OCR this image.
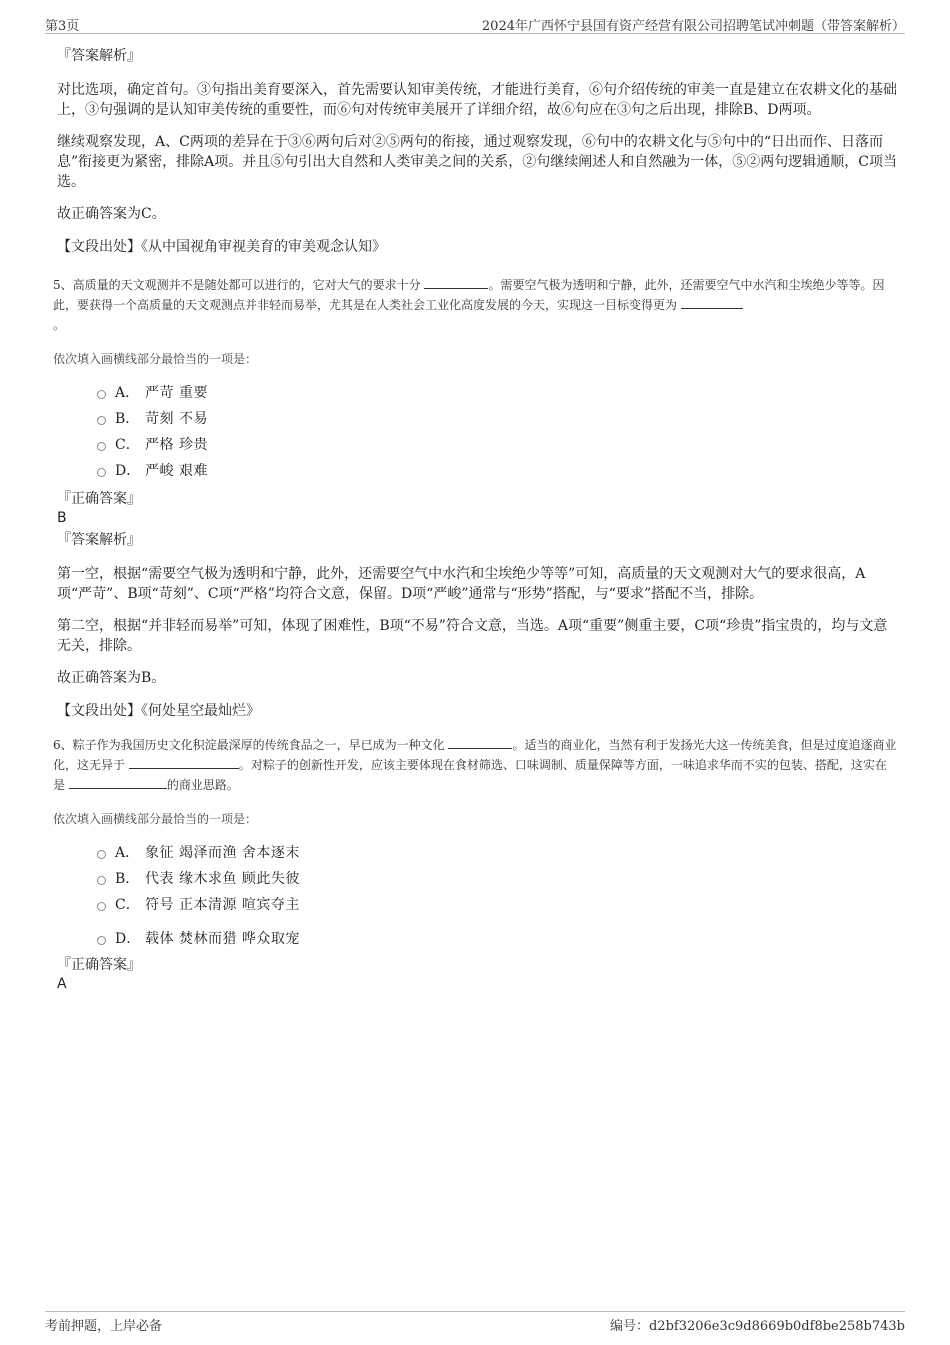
第3页	2024年广西怀宁县国有资产经营有限公司招聘笔试冲刺题（带答案解析）
『答案解析』
对比选项，确定首句。③句指出美育要深入，首先需要认知审美传统，才能进行美育，⑥句介绍传统的审美一直是建立在农耕文化的基础上，③句强调的是认知审美传统的重要性，而⑥句对传统审美展开了详细介绍，故⑥句应在③句之后出现，排除B、D两项。
继续观察发现，A、C两项的差异在于③⑥两句后对②⑤两句的衔接，通过观察发现，⑥句中的农耕文化与⑤句中的“日出而作、日落而息”衔接更为紧密，排除A项。并且⑤句引出大自然和人类审美之间的关系，②句继续阐述人和自然融为一体，⑤②两句逻辑通顺，C项当选。
故正确答案为C。
【文段出处】《从中国视角审视美育的审美观念认知》
5、高质量的天文观测并不是随处都可以进行的，它对大气的要求十分	。需要空气极为透明和宁静，此外，还需要空气中水汽和尘埃绝少等等。因此，要获得一个高质量的天文观测点并非轻而易举，尤其是在人类社会工业化高度发展的今天，实现这一目标变得更为
。
依次填入画横线部分最恰当的一项是：
A． 严苛 重要
B． 苛刻 不易
C． 严格 珍贵
D． 严峻 艰难
『正确答案』
B
『答案解析』
第一空，根据“需要空气极为透明和宁静，此外，还需要空气中水汽和尘埃绝少等等”可知，高质量的天文观测对大气的要求很高，A项“严苛”、B项“苛刻”、C项“严格”均符合文意，保留。D项“严峻”通常与“形势”搭配，与“要求”搭配不当，排除。
第二空，根据“并非轻而易举”可知，体现了困难性，B项“不易”符合文意，当选。A项“重要”侧重主要，C项“珍贵”指宝贵的，均与文意无关，排除。
故正确答案为B。
【文段出处】《何处星空最灿烂》
6、粽子作为我国历史文化积淀最深厚的传统食品之一，早已成为一种文化	。适当的商业化，当然有利于发扬光大这一传统美食，但是过度追逐商业化，这无异于	。对粽子的创新性开发，应该主要体现在食材筛选、口味调制、质量保障等方面，一味追求华而不实的包装、搭配，这实在是	的商业思路。
依次填入画横线部分最恰当的一项是：
A． 象征 竭泽而渔 舍本逐末
B． 代表 缘木求鱼 顾此失彼
C． 符号 正本清源 喧宾夺主
D． 载体 焚林而猎 哗众取宠
『正确答案』
A
考前押题，上岸必备	编号：d2bf3206e3c9d8669b0df8be258b743b
